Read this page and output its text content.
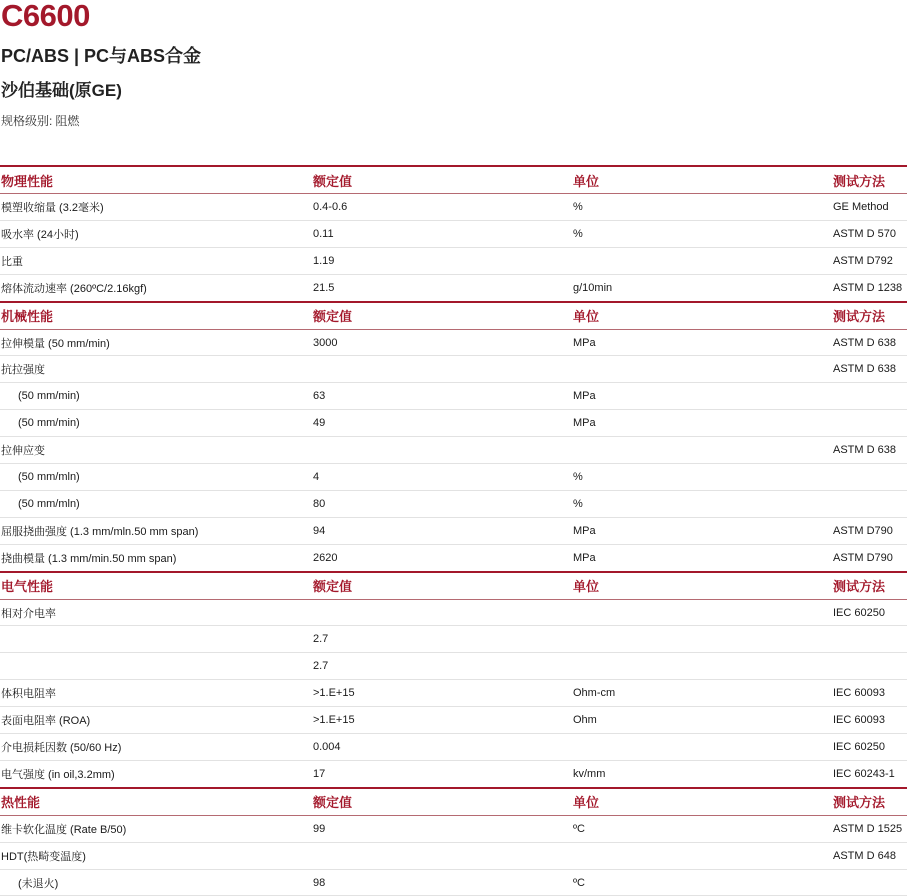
C6600
PC/ABS | PC与ABS合金
沙伯基础(原GE)
规格级别: 阻燃
物理性能	额定值	单位	测试方法
模塑收缩量 (3.2毫米)	0.4-0.6	%	GE Method
吸水率 (24小时)	0.11	%	ASTM D 570
比重	1.19		ASTM D792
熔体流动速率 (260ºC/2.16kgf)	21.5	g/10min	ASTM D 1238
机械性能	额定值	单位	测试方法
拉伸模量 (50 mm/min)	3000	MPa	ASTM D 638
抗拉强度			ASTM D 638
(50 mm/min)	63	MPa	
(50 mm/min)	49	MPa	
拉伸应变			ASTM D 638
(50 mm/mln)	4	%	
(50 mm/mln)	80	%	
屈服挠曲强度 (1.3 mm/mln.50 mm span)	94	MPa	ASTM D790
挠曲模量 (1.3 mm/min.50 mm span)	2620	MPa	ASTM D790
电气性能	额定值	单位	测试方法
相对介电率			IEC 60250
	2.7		
	2.7		
体积电阻率	>1.E+15	Ohm-cm	IEC 60093
表面电阻率 (ROA)	>1.E+15	Ohm	IEC 60093
介电损耗因数 (50/60 Hz)	0.004		IEC 60250
电气强度 (in oil,3.2mm)	17	kv/mm	IEC 60243-1
热性能	额定值	单位	测试方法
维卡软化温度 (Rate B/50)	99	ºC	ASTM D 1525
HDT(热畸变温度)			ASTM D 648
(未退火)	98	ºC	
